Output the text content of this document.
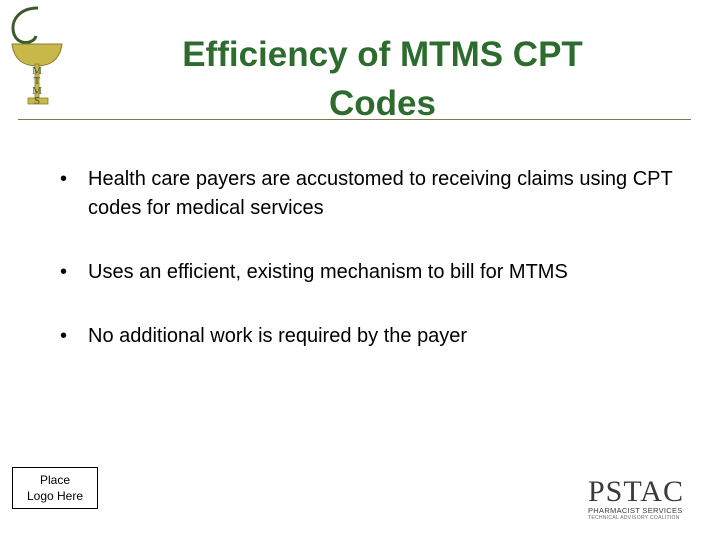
M
T
M
S
Efficiency of MTMS CPT Codes
• Health care payers are accustomed to receiving claims using CPT codes for medical services
• Uses an efficient, existing mechanism to bill for MTMS
• No additional work is required by the payer
Place
Logo Here	PSTAC
PHARMACIST SERVICES
TECHNICAL ADVISORY COALITION
